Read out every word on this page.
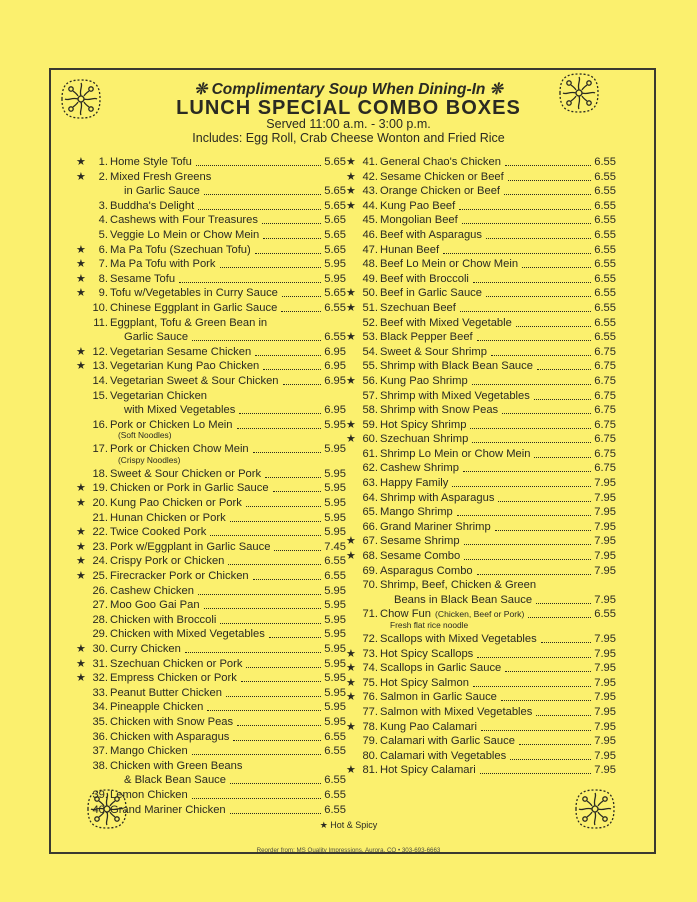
❊ Complimentary Soup When Dining-In ❊
LUNCH SPECIAL COMBO BOXES
Served 11:00 a.m. - 3:00 p.m.
Includes: Egg Roll, Crab Cheese Wonton and Fried Rice
★ 1. Home Style Tofu	5.65
★ 2. Mixed Fresh Greens
in Garlic Sauce	5.65
3. Buddha's Delight	5.65
4. Cashews with Four Treasures	5.65
5. Veggie Lo Mein or Chow Mein	5.65
★ 6. Ma Pa Tofu (Szechuan Tofu)	5.65
★ 7. Ma Pa Tofu with Pork	5.95
★ 8. Sesame Tofu	5.95
★ 9. Tofu w/Vegetables in Curry Sauce	5.65
10. Chinese Eggplant in Garlic Sauce	6.55
11. Eggplant, Tofu & Green Bean in
Garlic Sauce	6.55
★ 12. Vegetarian Sesame Chicken	6.95
★ 13. Vegetarian Kung Pao Chicken	6.95
14. Vegetarian Sweet & Sour Chicken	6.95
15. Vegetarian Chicken
with Mixed Vegetables	6.95
16. Pork or Chicken Lo Mein	5.95
(Soft Noodles)
17. Pork or Chicken Chow Mein	5.95
(Crispy Noodles)
18. Sweet & Sour Chicken or Pork	5.95
★ 19. Chicken or Pork in Garlic Sauce	5.95
★ 20. Kung Pao Chicken or Pork	5.95
21. Hunan Chicken or Pork	5.95
★ 22. Twice Cooked Pork	5.95
★ 23. Pork w/Eggplant in Garlic Sauce	7.45
★ 24. Crispy Pork or Chicken	6.55
★ 25. Firecracker Pork or Chicken	6.55
26. Cashew Chicken	5.95
27. Moo Goo Gai Pan	5.95
28. Chicken with Broccoli	5.95
29. Chicken with Mixed Vegetables	5.95
★ 30. Curry Chicken	5.95
★ 31. Szechuan Chicken or Pork	5.95
★ 32. Empress Chicken or Pork	5.95
33. Peanut Butter Chicken	5.95
34. Pineapple Chicken	5.95
35. Chicken with Snow Peas	5.95
36. Chicken with Asparagus	6.55
37. Mango Chicken	6.55
38. Chicken with Green Beans
& Black Bean Sauce	6.55
39. Lemon Chicken	6.55
40. Grand Mariner Chicken	6.55
★ 41. General Chao's Chicken	6.55
★ 42. Sesame Chicken or Beef	6.55
★ 43. Orange Chicken or Beef	6.55
★ 44. Kung Pao Beef	6.55
45. Mongolian Beef	6.55
46. Beef with Asparagus	6.55
47. Hunan Beef	6.55
48. Beef Lo Mein or Chow Mein	6.55
49. Beef with Broccoli	6.55
★ 50. Beef in Garlic Sauce	6.55
★ 51. Szechuan Beef	6.55
52. Beef with Mixed Vegetable	6.55
★ 53. Black Pepper Beef	6.55
54. Sweet & Sour Shrimp	6.75
55. Shrimp with Black Bean Sauce	6.75
★ 56. Kung Pao Shrimp	6.75
57. Shrimp with Mixed Vegetables	6.75
58. Shrimp with Snow Peas	6.75
★ 59. Hot Spicy Shrimp	6.75
★ 60. Szechuan Shrimp	6.75
61. Shrimp Lo Mein or Chow Mein	6.75
62. Cashew Shrimp	6.75
63. Happy Family	7.95
64. Shrimp with Asparagus	7.95
65. Mango Shrimp	7.95
66. Grand Mariner Shrimp	7.95
★ 67. Sesame Shrimp	7.95
★ 68. Sesame Combo	7.95
69. Asparagus Combo	7.95
70. Shrimp, Beef, Chicken & Green
Beans in Black Bean Sauce	7.95
71. Chow Fun (Chicken, Beef or Pork)	6.55
Fresh flat rice noodle
72. Scallops with Mixed Vegetables	7.95
★ 73. Hot Spicy Scallops	7.95
★ 74. Scallops in Garlic Sauce	7.95
★ 75. Hot Spicy Salmon	7.95
★ 76. Salmon in Garlic Sauce	7.95
77. Salmon with Mixed Vegetables	7.95
★ 78. Kung Pao Calamari	7.95
79. Calamari with Garlic Sauce	7.95
80. Calamari with Vegetables	7.95
★ 81. Hot Spicy Calamari	7.95
★ Hot & Spicy
Reorder from: MS Quality Impressions, Aurora, CO • 303-693-6663
